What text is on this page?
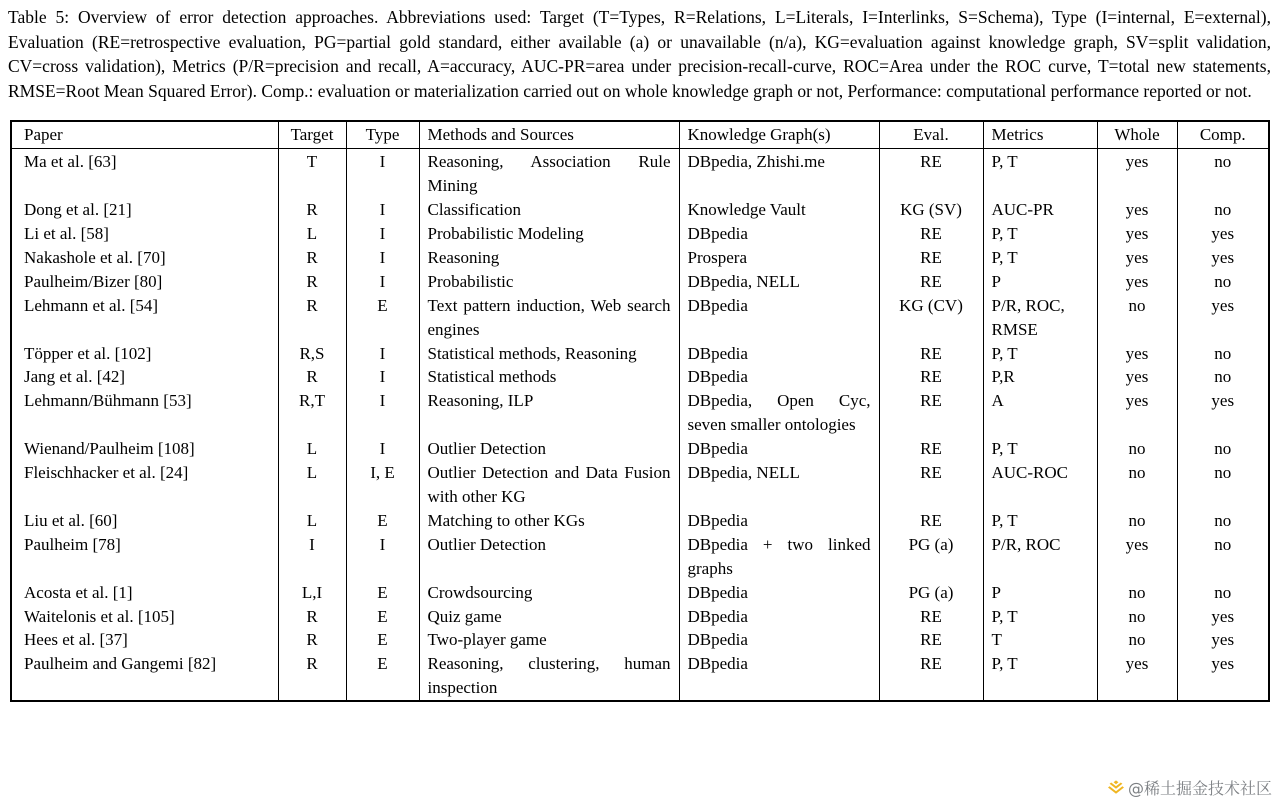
Table 5: Overview of error detection approaches. Abbreviations used: Target (T=Types, R=Relations, L=Literals, I=Interlinks, S=Schema), Type (I=internal, E=external), Evaluation (RE=retrospective evaluation, PG=partial gold standard, either available (a) or unavailable (n/a), KG=evaluation against knowledge graph, SV=split validation, CV=cross validation), Metrics (P/R=precision and recall, A=accuracy, AUC-PR=area under precision-recall-curve, ROC=Area under the ROC curve, T=total new statements, RMSE=Root Mean Squared Error). Comp.: evaluation or materialization carried out on whole knowledge graph or not, Performance: computational performance reported or not.

Paper	Target	Type	Methods and Sources	Knowledge Graph(s)	Eval.	Metrics	Whole	Comp.
Ma et al. [63]	T	I	Reasoning, Association Rule Mining	DBpedia, Zhishi.me	RE	P, T	yes	no
Dong et al. [21]	R	I	Classification	Knowledge Vault	KG (SV)	AUC-PR	yes	no
Li et al. [58]	L	I	Probabilistic Modeling	DBpedia	RE	P, T	yes	yes
Nakashole et al. [70]	R	I	Reasoning	Prospera	RE	P, T	yes	yes
Paulheim/Bizer [80]	R	I	Probabilistic	DBpedia, NELL	RE	P	yes	no
Lehmann et al. [54]	R	E	Text pattern induction, Web search engines	DBpedia	KG (CV)	P/R, ROC, RMSE	no	yes
Töpper et al. [102]	R,S	I	Statistical methods, Reasoning	DBpedia	RE	P, T	yes	no
Jang et al. [42]	R	I	Statistical methods	DBpedia	RE	P,R	yes	no
Lehmann/Bühmann [53]	R,T	I	Reasoning, ILP	DBpedia, Open Cyc, seven smaller ontologies	RE	A	yes	yes
Wienand/Paulheim [108]	L	I	Outlier Detection	DBpedia	RE	P, T	no	no
Fleischhacker et al. [24]	L	I, E	Outlier Detection and Data Fusion with other KG	DBpedia, NELL	RE	AUC-ROC	no	no
Liu et al. [60]	L	E	Matching to other KGs	DBpedia	RE	P, T	no	no
Paulheim [78]	I	I	Outlier Detection	DBpedia + two linked graphs	PG (a)	P/R, ROC	yes	no
Acosta et al. [1]	L,I	E	Crowdsourcing	DBpedia	PG (a)	P	no	no
Waitelonis et al. [105]	R	E	Quiz game	DBpedia	RE	P, T	no	yes
Hees et al. [37]	R	E	Two-player game	DBpedia	RE	T	no	yes
Paulheim and Gangemi [82]	R	E	Reasoning, clustering, human inspection	DBpedia	RE	P, T	yes	yes
@稀土掘金技术社区
